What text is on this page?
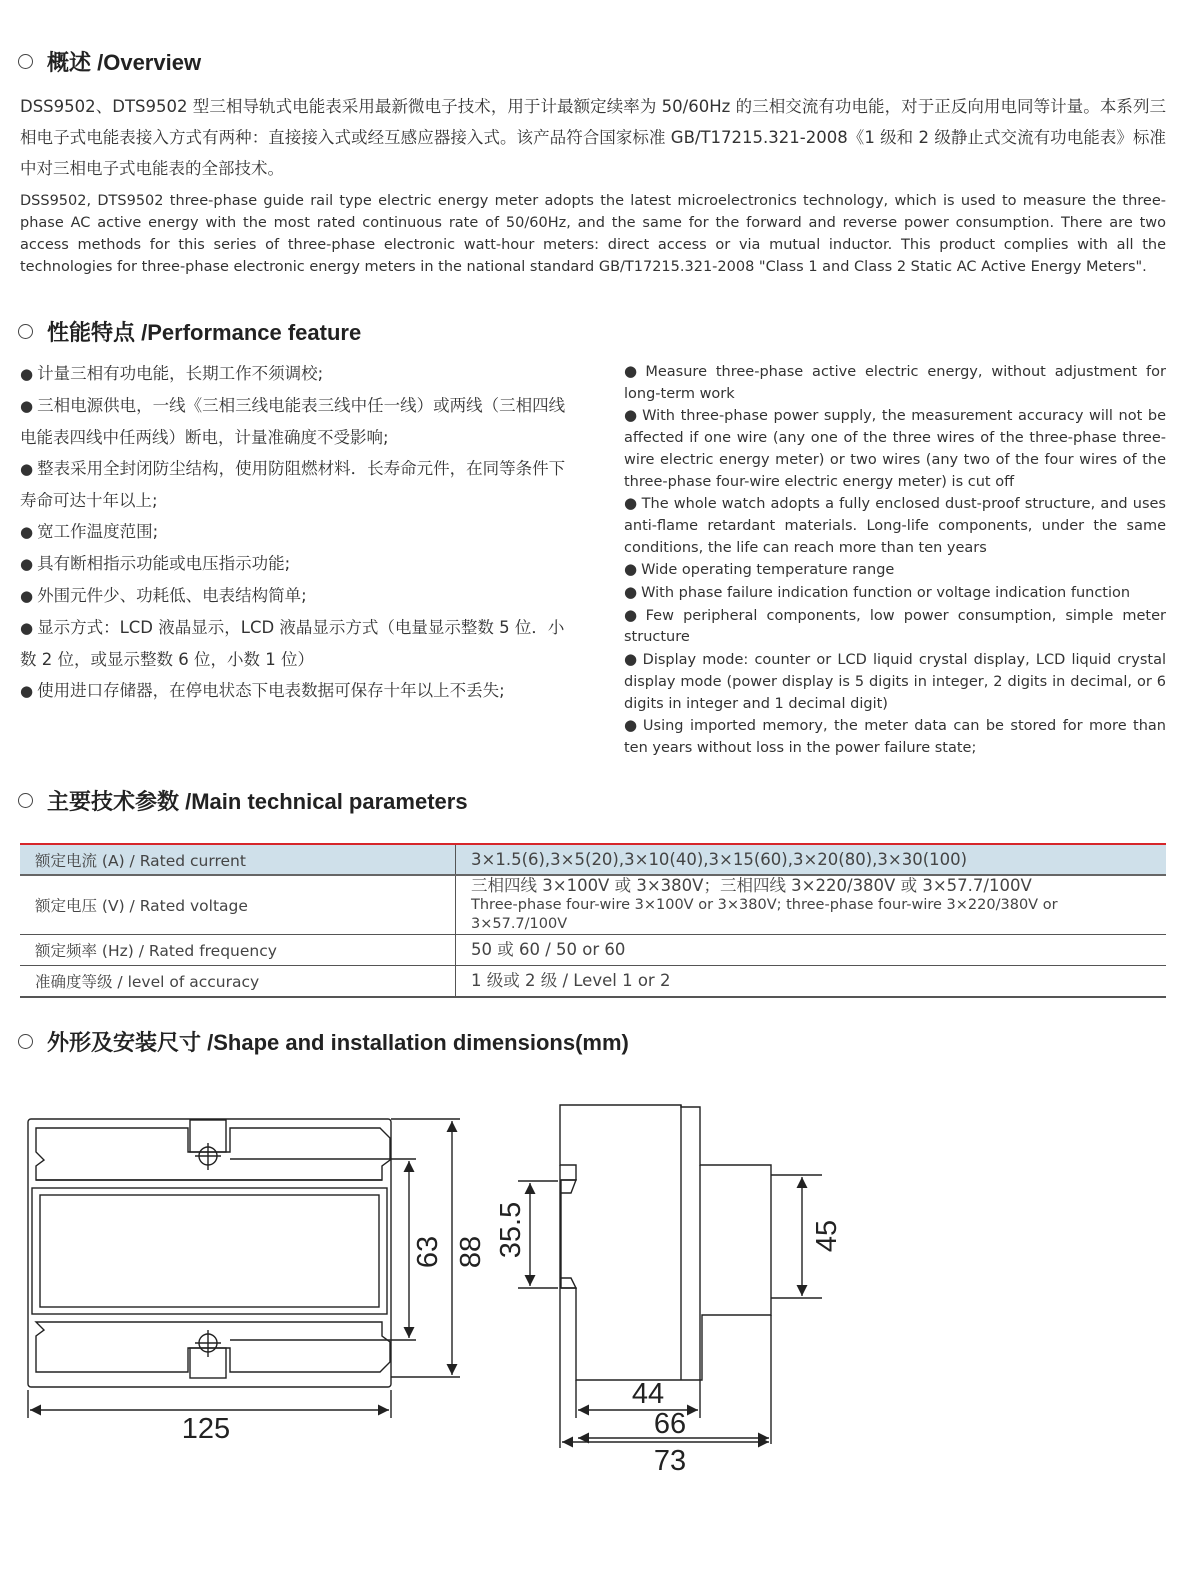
概述 /Overview
DSS9502、DTS9502 型三相导轨式电能表采用最新微电子技术，用于计最额定续率为 50/60Hz 的三相交流有功电能，对于正反向用电同等计量。本系列三相电子式电能表接入方式有两种：直接接入式或经互感应器接入式。该产品符合国家标准 GB/T17215.321-2008《1 级和 2 级静止式交流有功电能表》标准中对三相电子式电能表的全部技术。
DSS9502, DTS9502 three-phase guide rail type electric energy meter adopts the latest microelectronics technology, which is used to measure the three-phase AC active energy with the most rated continuous rate of 50/60Hz, and the same for the forward and reverse power consumption. There are two access methods for this series of three-phase electronic watt-hour meters: direct access or via mutual inductor. This product complies with all the technologies for three-phase electronic energy meters in the national standard GB/T17215.321-2008 "Class 1 and Class 2 Static AC Active Energy Meters".
性能特点 /Performance feature
● 计量三相有功电能，长期工作不须调校;
● 三相电源供电，一线《三相三线电能表三线中任一线）或两线（三相四线电能表四线中任两线）断电，计量准确度不受影响;
● 整表采用全封闭防尘结构，使用防阻燃材料．长寿命元件，在同等条件下寿命可达十年以上;
● 宽工作温度范围;
● 具有断相指示功能或电压指示功能;
● 外围元件少、功耗低、电表结构简单;
● 显示方式：LCD 液晶显示，LCD 液晶显示方式（电量显示整数 5 位．小数 2 位，或显示整数 6 位，小数 1 位）
● 使用进口存储器，在停电状态下电表数据可保存十年以上不丢失;
● Measure three-phase active electric energy, without adjustment for long-term work
● With three-phase power supply, the measurement accuracy will not be affected if one wire (any one of the three wires of the three-phase three-wire electric energy meter) or two wires (any two of the four wires of the three-phase four-wire electric energy meter) is cut off
● The whole watch adopts a fully enclosed dust-proof structure, and uses anti-flame retardant materials. Long-life components, under the same conditions, the life can reach more than ten years
● Wide operating temperature range
● With phase failure indication function or voltage indication function
● Few peripheral components, low power consumption, simple meter structure
● Display mode: counter or LCD liquid crystal display, LCD liquid crystal display mode (power display is 5 digits in integer, 2 digits in decimal, or 6 digits in integer and 1 decimal digit)
● Using imported memory, the meter data can be stored for more than ten years without loss in the power failure state;
主要技术参数 /Main technical parameters
额定电流 (A) / Rated current	3×1.5(6),3×5(20),3×10(40),3×15(60),3×20(80),3×30(100)

额定电压 (V) / Rated voltage	三相四线 3×100V 或 3×380V；三相四线 3×220/380V 或 3×57.7/100V
Three-phase four-wire 3×100V or 3×380V; three-phase four-wire 3×220/380V or 3×57.7/100V

额定频率 (Hz) / Rated frequency	50 或 60 / 50 or 60

准确度等级 / level of accuracy	1 级或 2 级 / Level 1 or 2
外形及安装尺寸 /Shape and installation dimensions(mm)
125
63 88 35.5	45
44
66
73
